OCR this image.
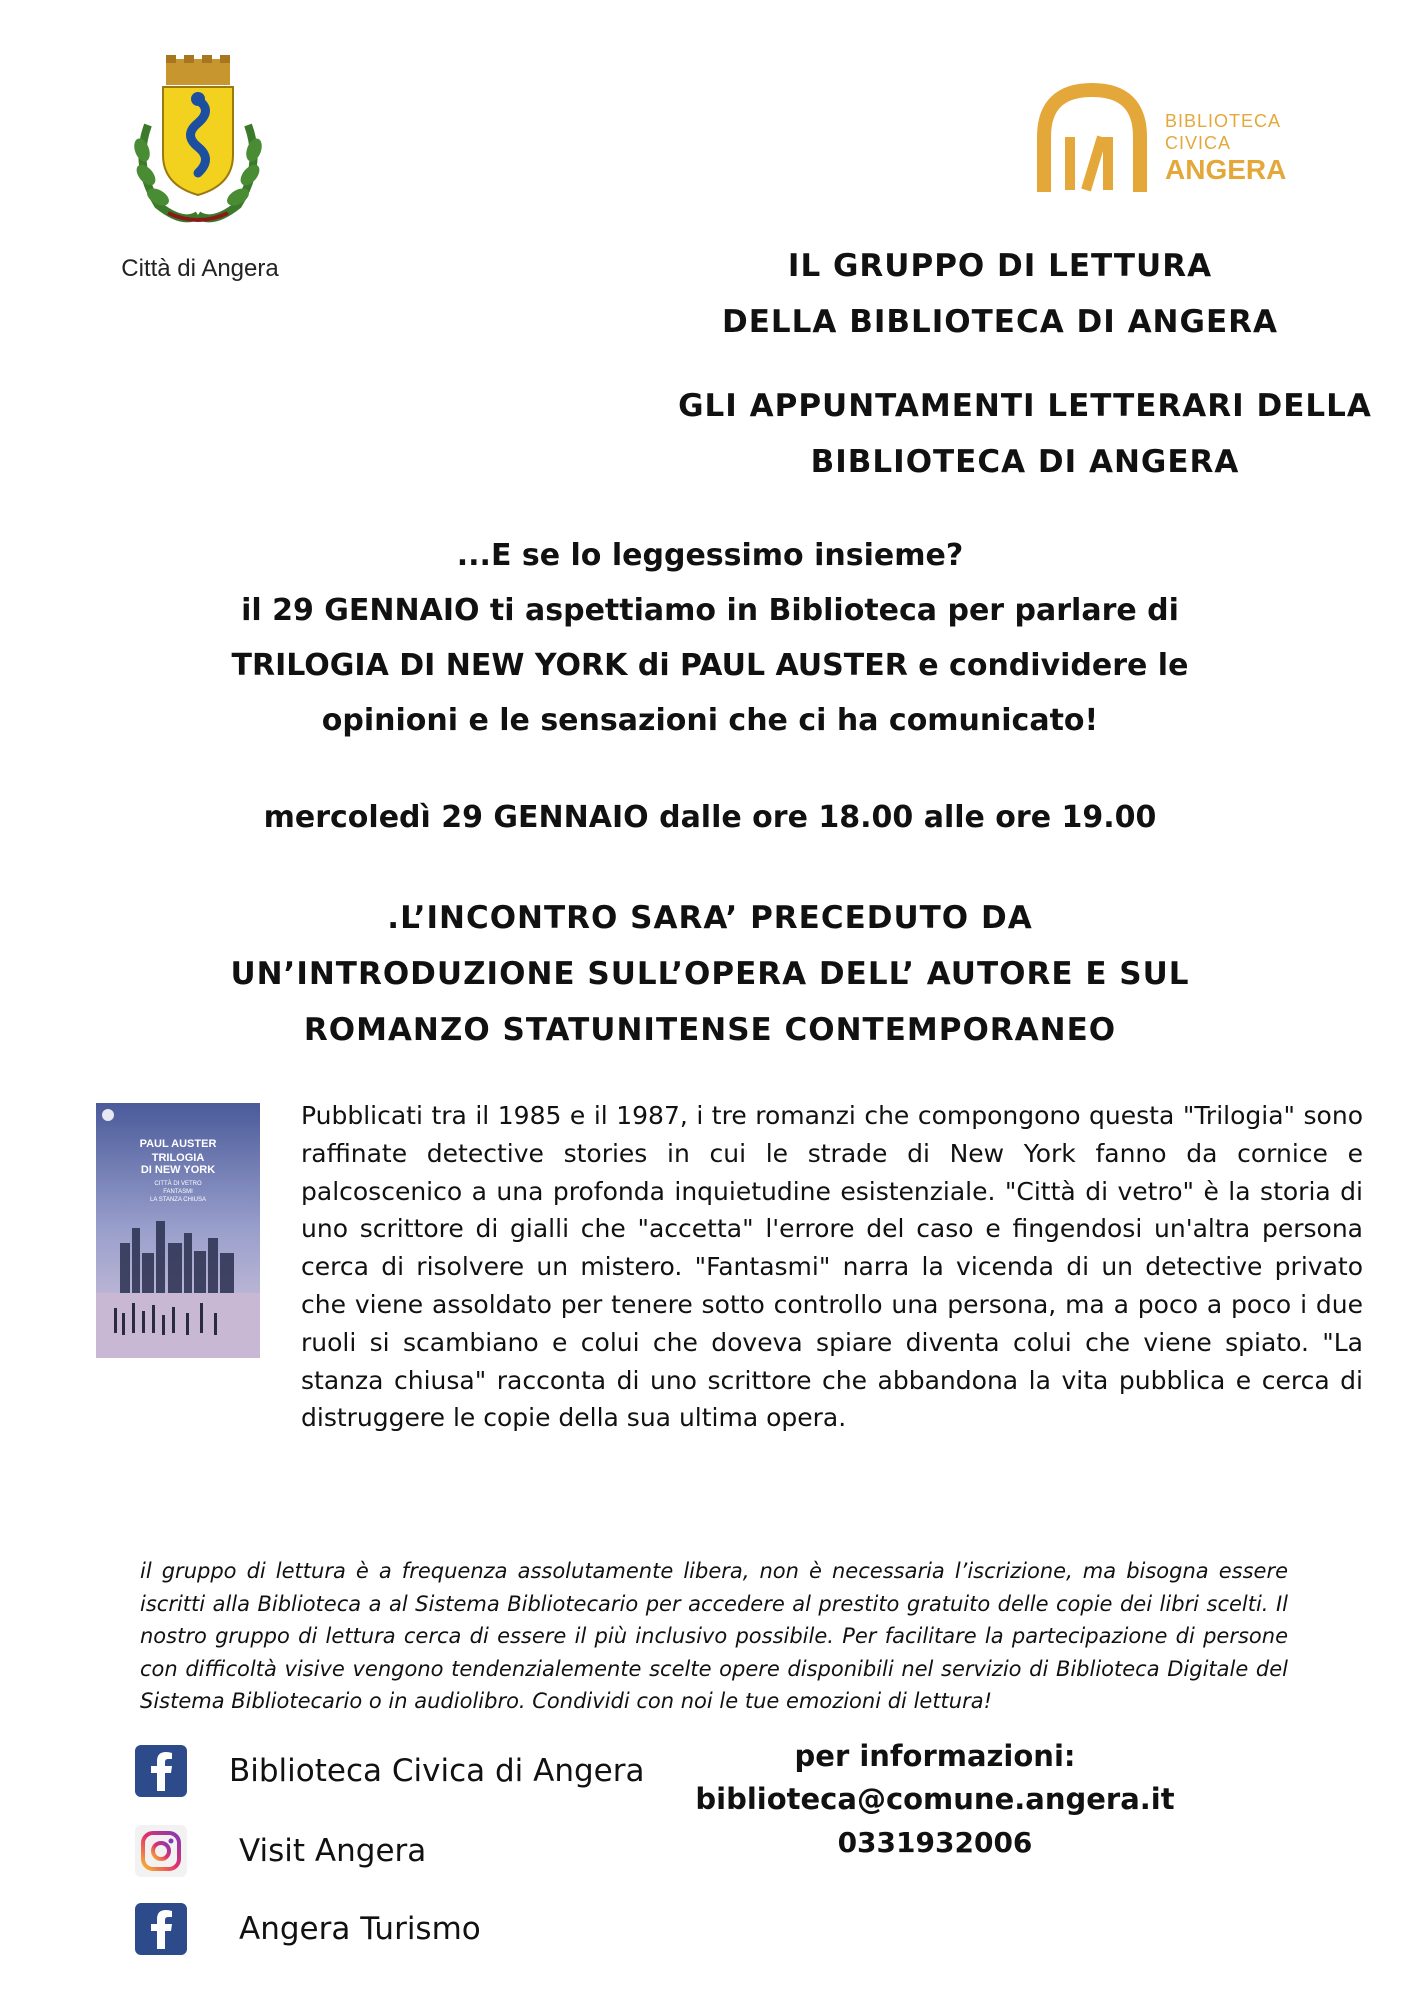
Città di Angera
BIBLIOTECA
CIVICA
ANGERA
IL GRUPPO DI LETTURA
DELLA BIBLIOTECA DI ANGERA
GLI APPUNTAMENTI LETTERARI DELLA
BIBLIOTECA DI ANGERA
...E se lo leggessimo insieme?
il 29 GENNAIO ti aspettiamo in Biblioteca per parlare di
TRILOGIA DI NEW YORK di PAUL AUSTER e condividere le
opinioni e le sensazioni che ci ha comunicato!
mercoledì 29 GENNAIO dalle ore 18.00 alle ore 19.00
.L’INCONTRO SARA’ PRECEDUTO DA
UN’INTRODUZIONE SULL’OPERA DELL’ AUTORE E SUL
ROMANZO STATUNITENSE CONTEMPORANEO
PAUL AUSTER
TRILOGIA
DI NEW YORK
CITTÀ DI VETRO
FANTASMI
LA STANZA CHIUSA
Pubblicati tra il 1985 e il 1987, i tre romanzi che compongono questa "Trilogia" sono raffinate detective stories in cui le strade di New York fanno da cornice e palcoscenico a una profonda inquietudine esistenziale. "Città di vetro" è la storia di uno scrittore di gialli che "accetta" l'errore del caso e fingendosi un'altra persona cerca di risolvere un mistero. "Fantasmi" narra la vicenda di un detective privato che viene assoldato per tenere sotto controllo una persona, ma a poco a poco i due ruoli si scambiano e colui che doveva spiare diventa colui che viene spiato. "La stanza chiusa" racconta di uno scrittore che abbandona la vita pubblica e cerca di distruggere le copie della sua ultima opera.
il gruppo di lettura è a frequenza assolutamente libera, non è necessaria l’iscrizione, ma bisogna essere iscritti alla Biblioteca a al Sistema Bibliotecario per accedere al prestito gratuito delle copie dei libri scelti. Il nostro gruppo di lettura cerca di essere il più inclusivo possibile. Per facilitare la partecipazione di persone con difficoltà visive vengono tendenzialemente scelte opere disponibili nel servizio di Biblioteca Digitale del Sistema Bibliotecario o in audiolibro. Condividi con noi le tue emozioni di lettura!
Biblioteca Civica di Angera
Visit Angera
Angera Turismo
per informazioni:
biblioteca@comune.angera.it
0331932006
